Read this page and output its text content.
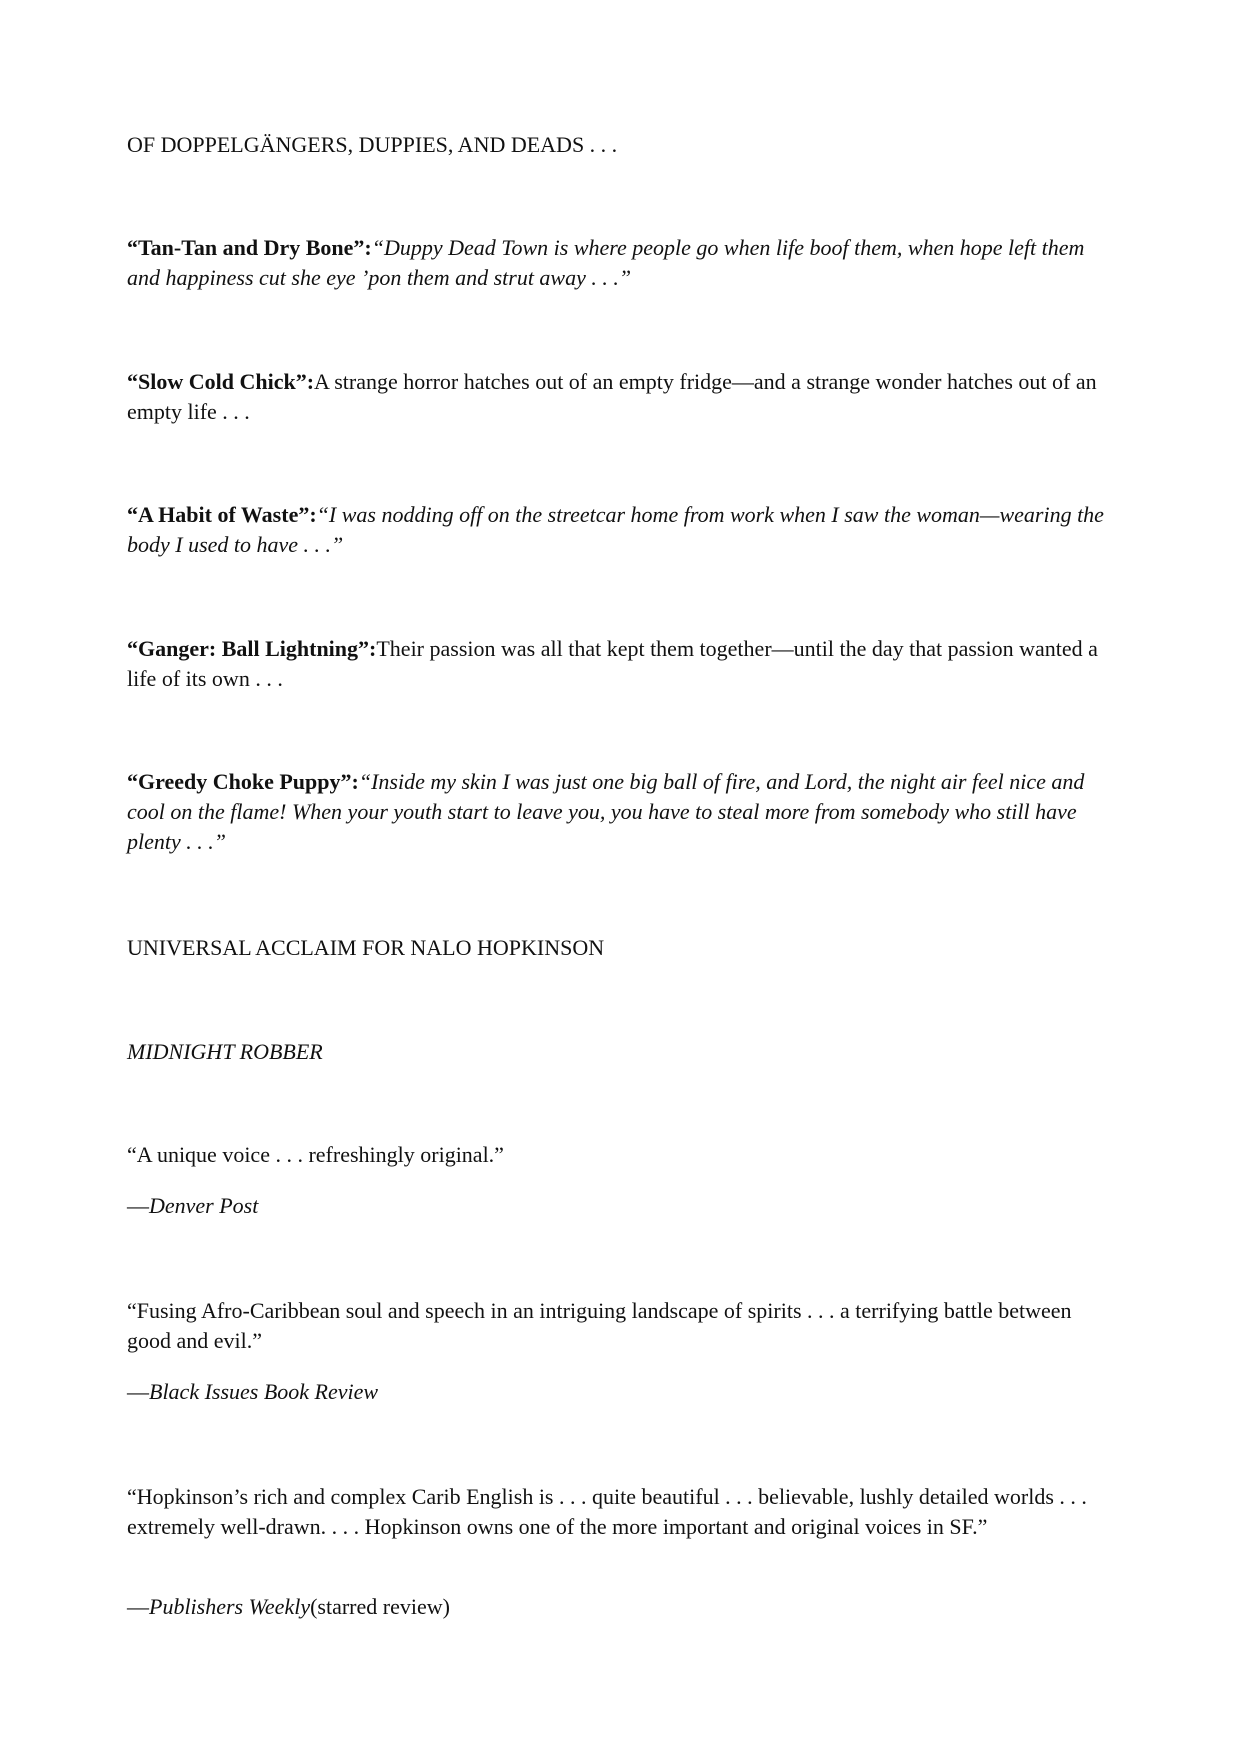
OF DOPPELGÄNGERS, DUPPIES, AND DEADS . . .

“Tan-Tan and Dry Bone”:“Duppy Dead Town is where people go when life boof them, when hope left them and happiness cut she eye ’pon them and strut away . . .”

“Slow Cold Chick”:A strange horror hatches out of an empty fridge—and a strange wonder hatches out of an empty life . . .

“A Habit of Waste”:“I was nodding off on the streetcar home from work when I saw the woman—wearing the body I used to have . . .”

“Ganger: Ball Lightning”:Their passion was all that kept them together—until the day that passion wanted a life of its own . . .

“Greedy Choke Puppy”:“Inside my skin I was just one big ball of fire, and Lord, the night air feel nice and cool on the flame! When your youth start to leave you, you have to steal more from somebody who still have plenty . . .”

UNIVERSAL ACCLAIM FOR NALO HOPKINSON

MIDNIGHT ROBBER

“A unique voice . . . refreshingly original.”

—Denver Post

“Fusing Afro-Caribbean soul and speech in an intriguing landscape of spirits . . . a terrifying battle between good and evil.”

—Black Issues Book Review

“Hopkinson’s rich and complex Carib English is . . . quite beautiful . . . believable, lushly detailed worlds . . . extremely well-drawn. . . . Hopkinson owns one of the more important and original voices in SF.”

—Publishers Weekly(starred review)
